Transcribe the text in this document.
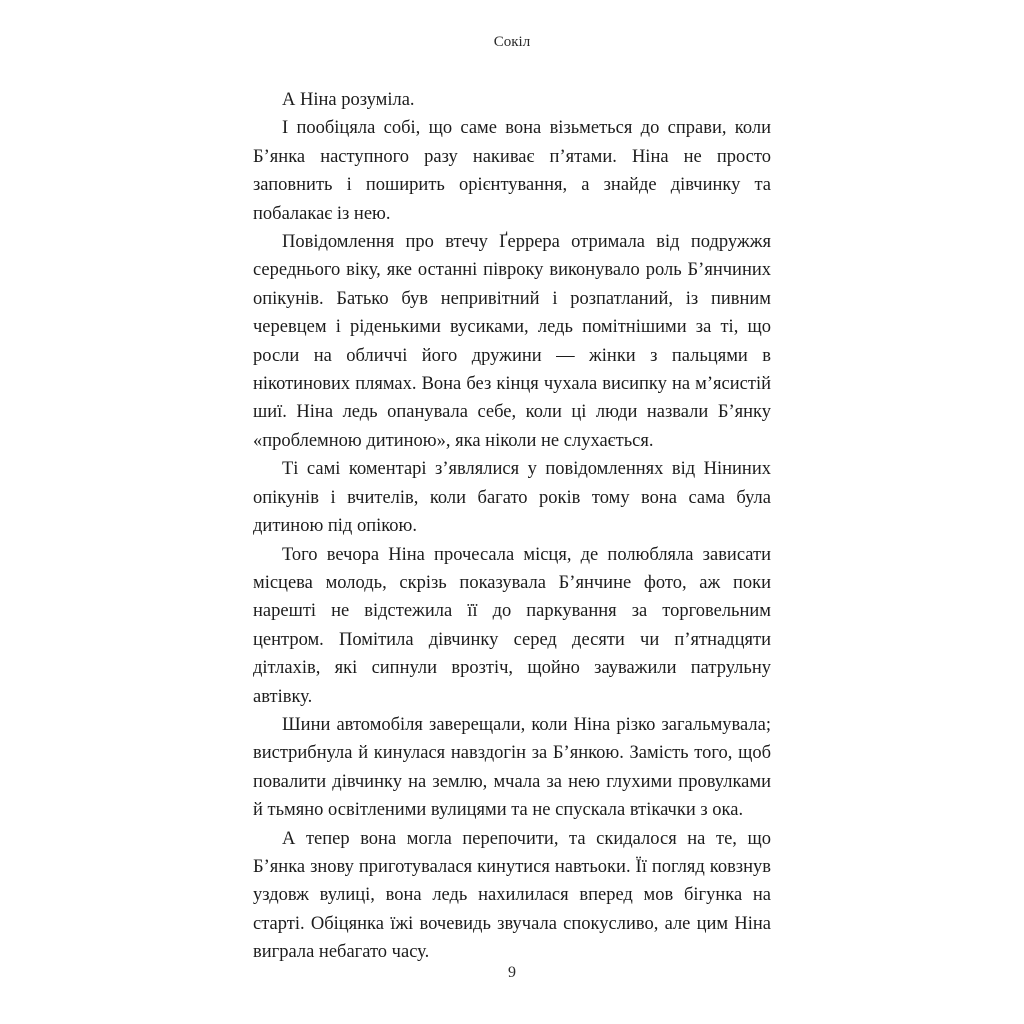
Сокіл

А Ніна розуміла.

І пообіцяла собі, що саме вона візьметься до справи, коли Б’янка наступного разу накиває п’ятами. Ніна не просто заповнить і поширить орієнтування, а знайде дівчинку та побалакає із нею.

Повідомлення про втечу Ґеррера отримала від подружжя середнього віку, яке останні півроку виконувало роль Б’янчиних опікунів. Батько був непривітний і розпатланий, із пивним черевцем і ріденькими вусиками, ледь помітнішими за ті, що росли на обличчі його дружини — жінки з пальцями в нікотинових плямах. Вона без кінця чухала висипку на м’ясистій шиї. Ніна ледь опанувала себе, коли ці люди назвали Б’янку «проблемною дитиною», яка ніколи не слухається.

Ті самі коментарі з’являлися у повідомленнях від Ніниних опікунів і вчителів, коли багато років тому вона сама була дитиною під опікою.

Того вечора Ніна прочесала місця, де полюбляла зависати місцева молодь, скрізь показувала Б’янчине фото, аж поки нарешті не відстежила її до паркування за торговельним центром. Помітила дівчинку серед десяти чи п’ятнадцяти дітлахів, які сипнули врозтіч, щойно зауважили патрульну автівку.

Шини автомобіля заверещали, коли Ніна різко загальмувала; вистрибнула й кинулася навздогін за Б’янкою. Замість того, щоб повалити дівчинку на землю, мчала за нею глухими провулками й тьмяно освітленими вулицями та не спускала втікачки з ока.

А тепер вона могла перепочити, та скидалося на те, що Б’янка знову приготувалася кинутися навтьоки. Її погляд ковзнув уздовж вулиці, вона ледь нахилилася вперед мов бігунка на старті. Обіцянка їжі вочевидь звучала спокусливо, але цим Ніна виграла небагато часу.

9
